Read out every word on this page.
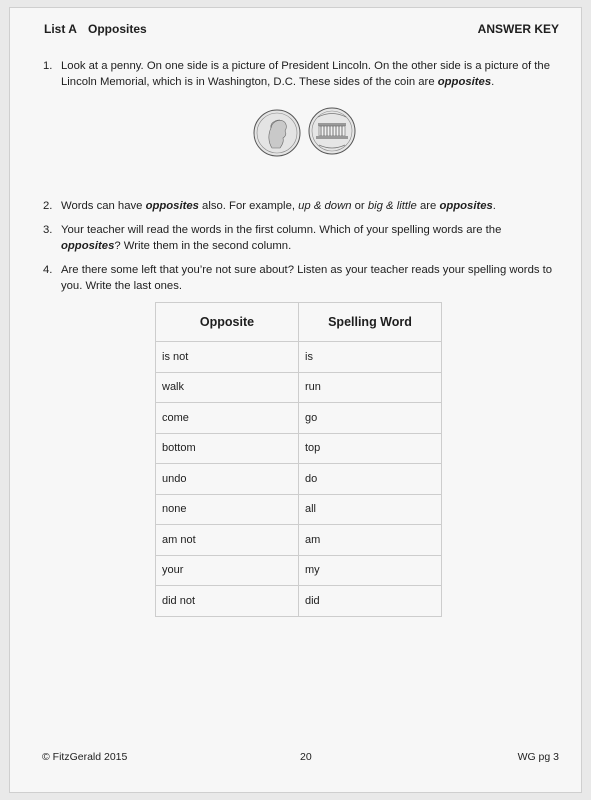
List A Opposites	ANSWER KEY
1. Look at a penny. On one side is a picture of President Lincoln. On the other side is a picture of the Lincoln Memorial, which is in Washington, D.C. These sides of the coin are opposites.
2. Words can have opposites also. For example, up & down or big & little are opposites.
3. Your teacher will read the words in the first column. Which of your spelling words are the opposites? Write them in the second column.
4. Are there some left that you’re not sure about? Listen as your teacher reads your spelling words to you. Write the last ones.
Opposite	Spelling Word
is not	is
walk	run
come	go
bottom	top
undo	do
none	all
am not	am
your	my
did not	did
© FitzGerald 2015	20	WG pg 3
